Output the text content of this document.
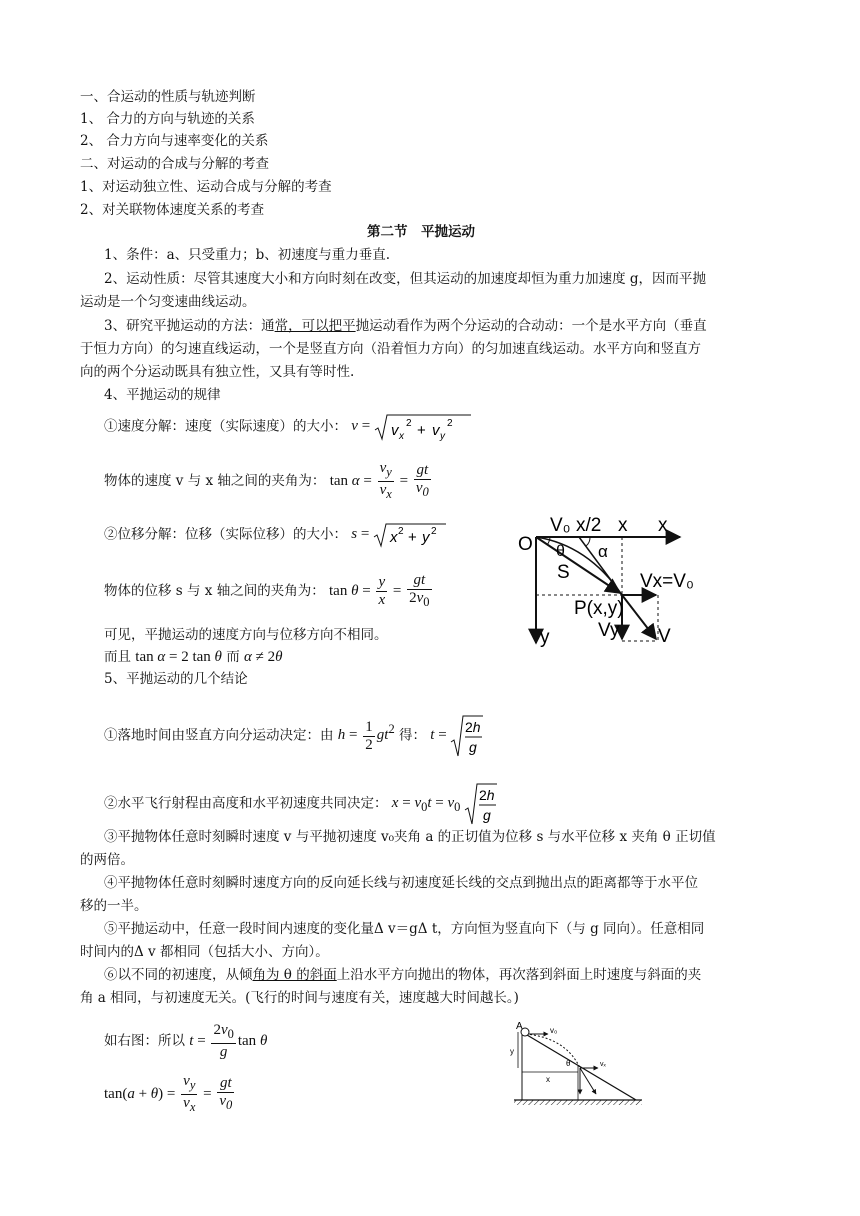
一、合运动的性质与轨迹判断
1、 合力的方向与轨迹的关系
2、 合力方向与速率变化的关系
二、对运动的合成与分解的考查
1、对运动独立性、运动合成与分解的考查
2、对关联物体速度关系的考查
第二节　平抛运动
1、条件：a、只受重力；b、初速度与重力垂直.
2、运动性质：尽管其速度大小和方向时刻在改变，但其运动的加速度却恒为重力加速度 g，因而平抛
运动是一个匀变速曲线运动。
3、研究平抛运动的方法：通常，可以把平抛运动看作为两个分运动的合动动：一个是水平方向（垂直
于恒力方向）的匀速直线运动，一个是竖直方向（沿着恒力方向）的匀加速直线运动。水平方向和竖直方
向的两个分运动既具有独立性，又具有等时性.
4、平抛运动的规律
①速度分解：速度（实际速度）的大小： v = v x
2 + v y
2
物体的速度 v 与 x 轴之间的夹角为： $\tan \alpha = \frac{v_y}{v_x} = \frac{gt}{v_0}$
②位移分解：位移（实际位移）的大小： s = x 2 + y 2
物体的位移 s 与 x 轴之间的夹角为： $\tan \theta = \frac{y}{x} = \frac{gt}{2v_0}$
可见，平抛运动的速度方向与位移方向不相同。
而且 tan α = 2 tan θ 而 α ≠ 2θ
5、平抛运动的几个结论
①落地时间由竖直方向分运动决定：由 $h = \frac{1}{2} gt^2$ 得： t =
2h
g
②水平飞行射程由高度和水平初速度共同决定： $x = v_0t = v_0$
2h
g
③平抛物体任意时刻瞬时速度 v 与平抛初速度 v₀夹角 a 的正切值为位移 s 与水平位移 x 夹角 θ 正切值
的两倍。
④平抛物体任意时刻瞬时速度方向的反向延长线与初速度延长线的交点到抛出点的距离都等于水平位
移的一半。
⑤平抛运动中，任意一段时间内速度的变化量Δ v＝gΔ t，方向恒为竖直向下（与 g 同向）。任意相同
时间内的Δ v 都相同（包括大小、方向）。
⑥以不同的初速度，从倾角为 θ 的斜面上沿水平方向抛出的物体，再次落到斜面上时速度与斜面的夹
角 a 相同，与初速度无关。(飞行的时间与速度有关，速度越大时间越长。)
如右图：所以 $t = \frac{2v_0}{g}$ tan θ
$\tan(a + \theta) = \frac{v_y}{v_x} = \frac{gt}{v_0}$
V₀ x/2 x x
O θ α
S	Vx=V₀
P(x,y)
Vy V
y
A	v₀
y
x
θ	vₓ
